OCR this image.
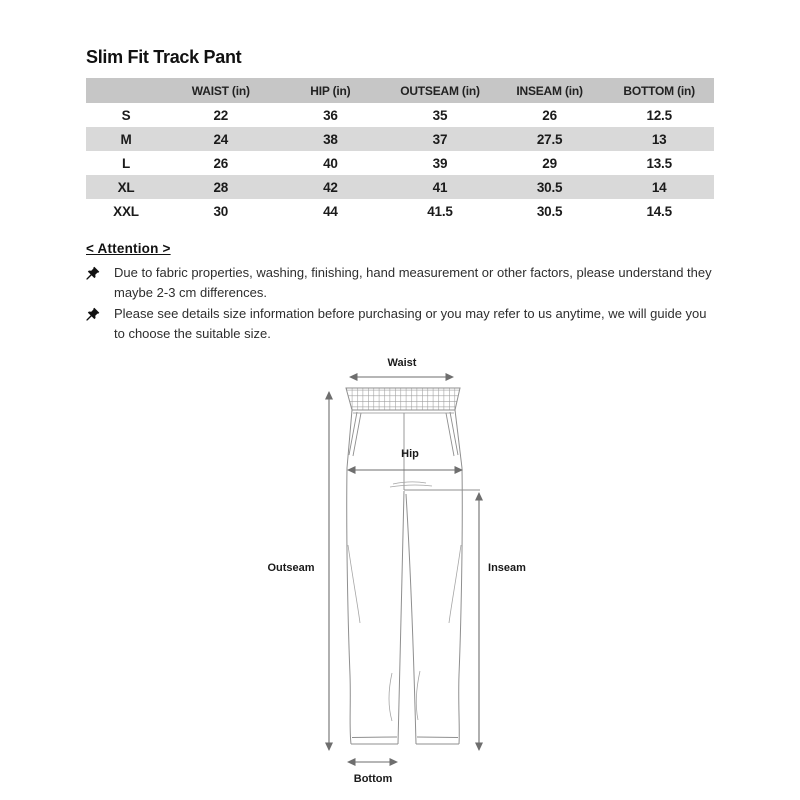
Slim Fit Track Pant
	WAIST (in)	HIP (in)	OUTSEAM (in)	INSEAM (in)	BOTTOM (in)
S	22	36	35	26	12.5
M	24	38	37	27.5	13
L	26	40	39	29	13.5
XL	28	42	41	30.5	14
XXL	30	44	41.5	30.5	14.5
< Attention >
Due to fabric properties, washing, finishing, hand measurement or other factors, please understand they maybe 2-3 cm differences.
Please see details size information before purchasing or you may refer to us anytime, we will guide you to choose the suitable size.
Waist
Hip
Outseam	Inseam
Bottom
